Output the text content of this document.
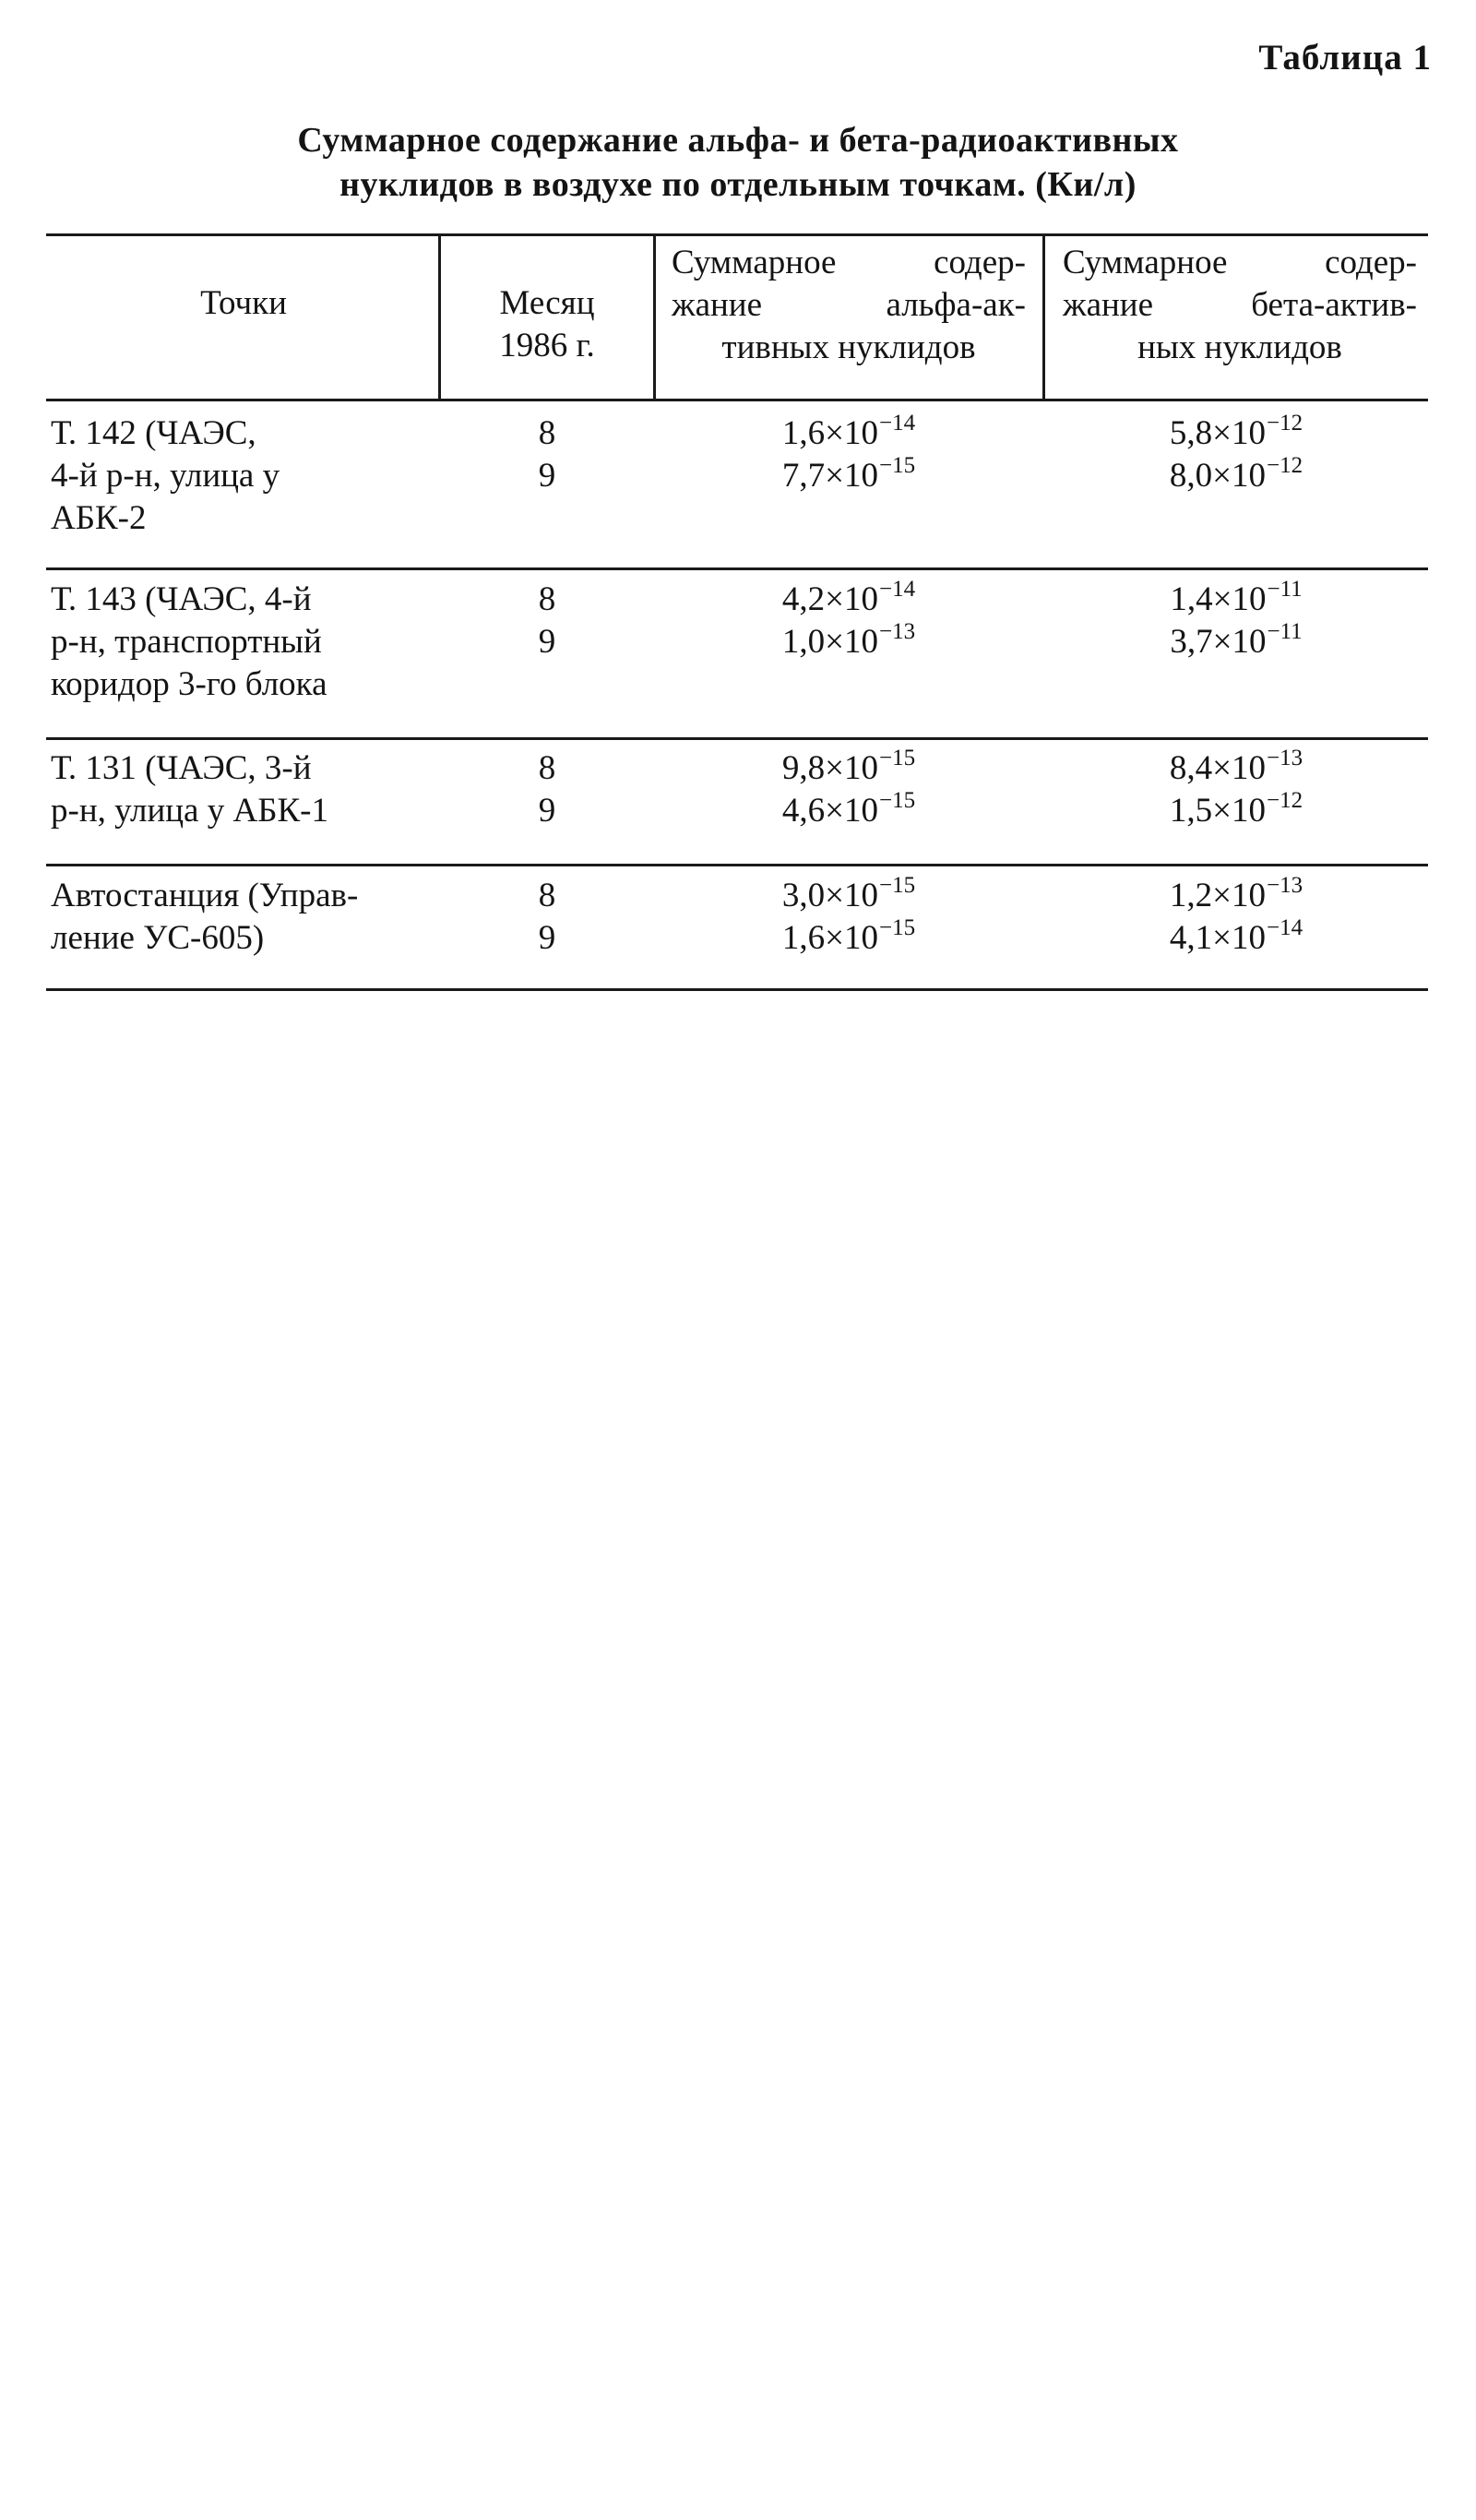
Таблица 1
Суммарное содержание альфа- и бета-радиоактивных
нуклидов в воздухе по отдельным точкам. (Ки/л)
Точки	Месяц
1986 г.
Суммарное содер-
жание альфа-ак-
тивных нуклидов
Суммарное содер-
жание бета-актив-
ных нуклидов
Т. 142 (ЧАЭС,
4-й р-н, улица у
АБК-2
8
9
$1,6\times 10^{-14}$
$7,7\times 10^{-15}$
$5,8\times 10^{-12}$
$8,0\times 10^{-12}$
Т. 143 (ЧАЭС, 4-й
р-н, транспортный
коридор 3-го блока
8
9
$4,2\times 10^{-14}$
$1,0\times 10^{-13}$
$1,4\times 10^{-11}$
$3,7\times 10^{-11}$
Т. 131 (ЧАЭС, 3-й
р-н, улица у АБК-1
8
9
$9,8\times 10^{-15}$
$4,6\times 10^{-15}$
$8,4\times 10^{-13}$
$1,5\times 10^{-12}$
Автостанция (Управ-
ление УС-605)
8
9
$3,0\times 10^{-15}$
$1,6\times 10^{-15}$
$1,2\times 10^{-13}$
$4,1\times 10^{-14}$
